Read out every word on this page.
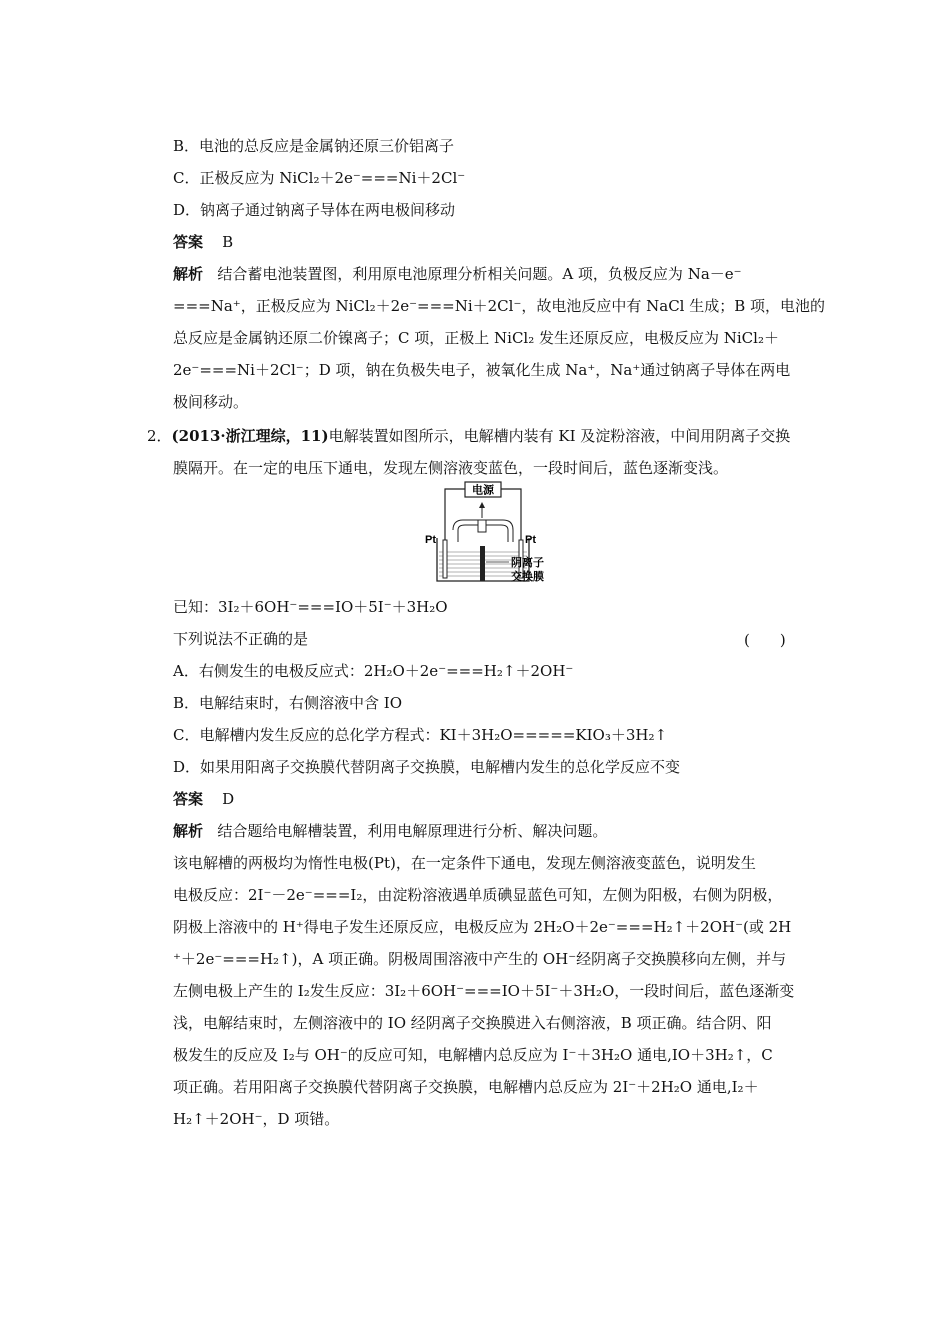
B．电池的总反应是金属钠还原三价铝离子
C．正极反应为 NiCl₂＋2e⁻===Ni＋2Cl⁻
D．钠离子通过钠离子导体在两电极间移动
答案 B
解析 结合蓄电池装置图，利用原电池原理分析相关问题。A 项，负极反应为 Na－e⁻
===Na⁺，正极反应为 NiCl₂＋2e⁻===Ni＋2Cl⁻，故电池反应中有 NaCl 生成；B 项，电池的
总反应是金属钠还原二价镍离子；C 项，正极上 NiCl₂ 发生还原反应，电极反应为 NiCl₂＋
2e⁻===Ni＋2Cl⁻；D 项，钠在负极失电子，被氧化生成 Na⁺，Na⁺通过钠离子导体在两电
极间移动。
2．(2013·浙江理综，11)电解装置如图所示，电解槽内装有 KI 及淀粉溶液，中间用阴离子交换
膜隔开。在一定的电压下通电，发现左侧溶液变蓝色，一段时间后，蓝色逐渐变浅。
电源
Pt	Pt
阴离子
交换膜
已知：3I₂＋6OH⁻===IO＋5I⁻＋3H₂O
下列说法不正确的是	(　　)
A．右侧发生的电极反应式：2H₂O＋2e⁻===H₂↑＋2OH⁻
B．电解结束时，右侧溶液中含 IO
C．电解槽内发生反应的总化学方程式：KI＋3H₂O=====KIO₃＋3H₂↑
D．如果用阳离子交换膜代替阴离子交换膜，电解槽内发生的总化学反应不变
答案 D
解析 结合题给电解槽装置，利用电解原理进行分析、解决问题。
该电解槽的两极均为惰性电极(Pt)，在一定条件下通电，发现左侧溶液变蓝色，说明发生
电极反应：2I⁻－2e⁻===I₂，由淀粉溶液遇单质碘显蓝色可知，左侧为阳极，右侧为阴极，
阴极上溶液中的 H⁺得电子发生还原反应，电极反应为 2H₂O＋2e⁻===H₂↑＋2OH⁻(或 2H
⁺＋2e⁻===H₂↑)，A 项正确。阴极周围溶液中产生的 OH⁻经阴离子交换膜移向左侧，并与
左侧电极上产生的 I₂发生反应：3I₂＋6OH⁻===IO＋5I⁻＋3H₂O，一段时间后，蓝色逐渐变
浅，电解结束时，左侧溶液中的 IO 经阴离子交换膜进入右侧溶液，B 项正确。结合阴、阳
极发生的反应及 I₂与 OH⁻的反应可知，电解槽内总反应为 I⁻＋3H₂O 通电,IO＋3H₂↑，C
项正确。若用阳离子交换膜代替阴离子交换膜，电解槽内总反应为 2I⁻＋2H₂O 通电,I₂＋
H₂↑＋2OH⁻，D 项错。
